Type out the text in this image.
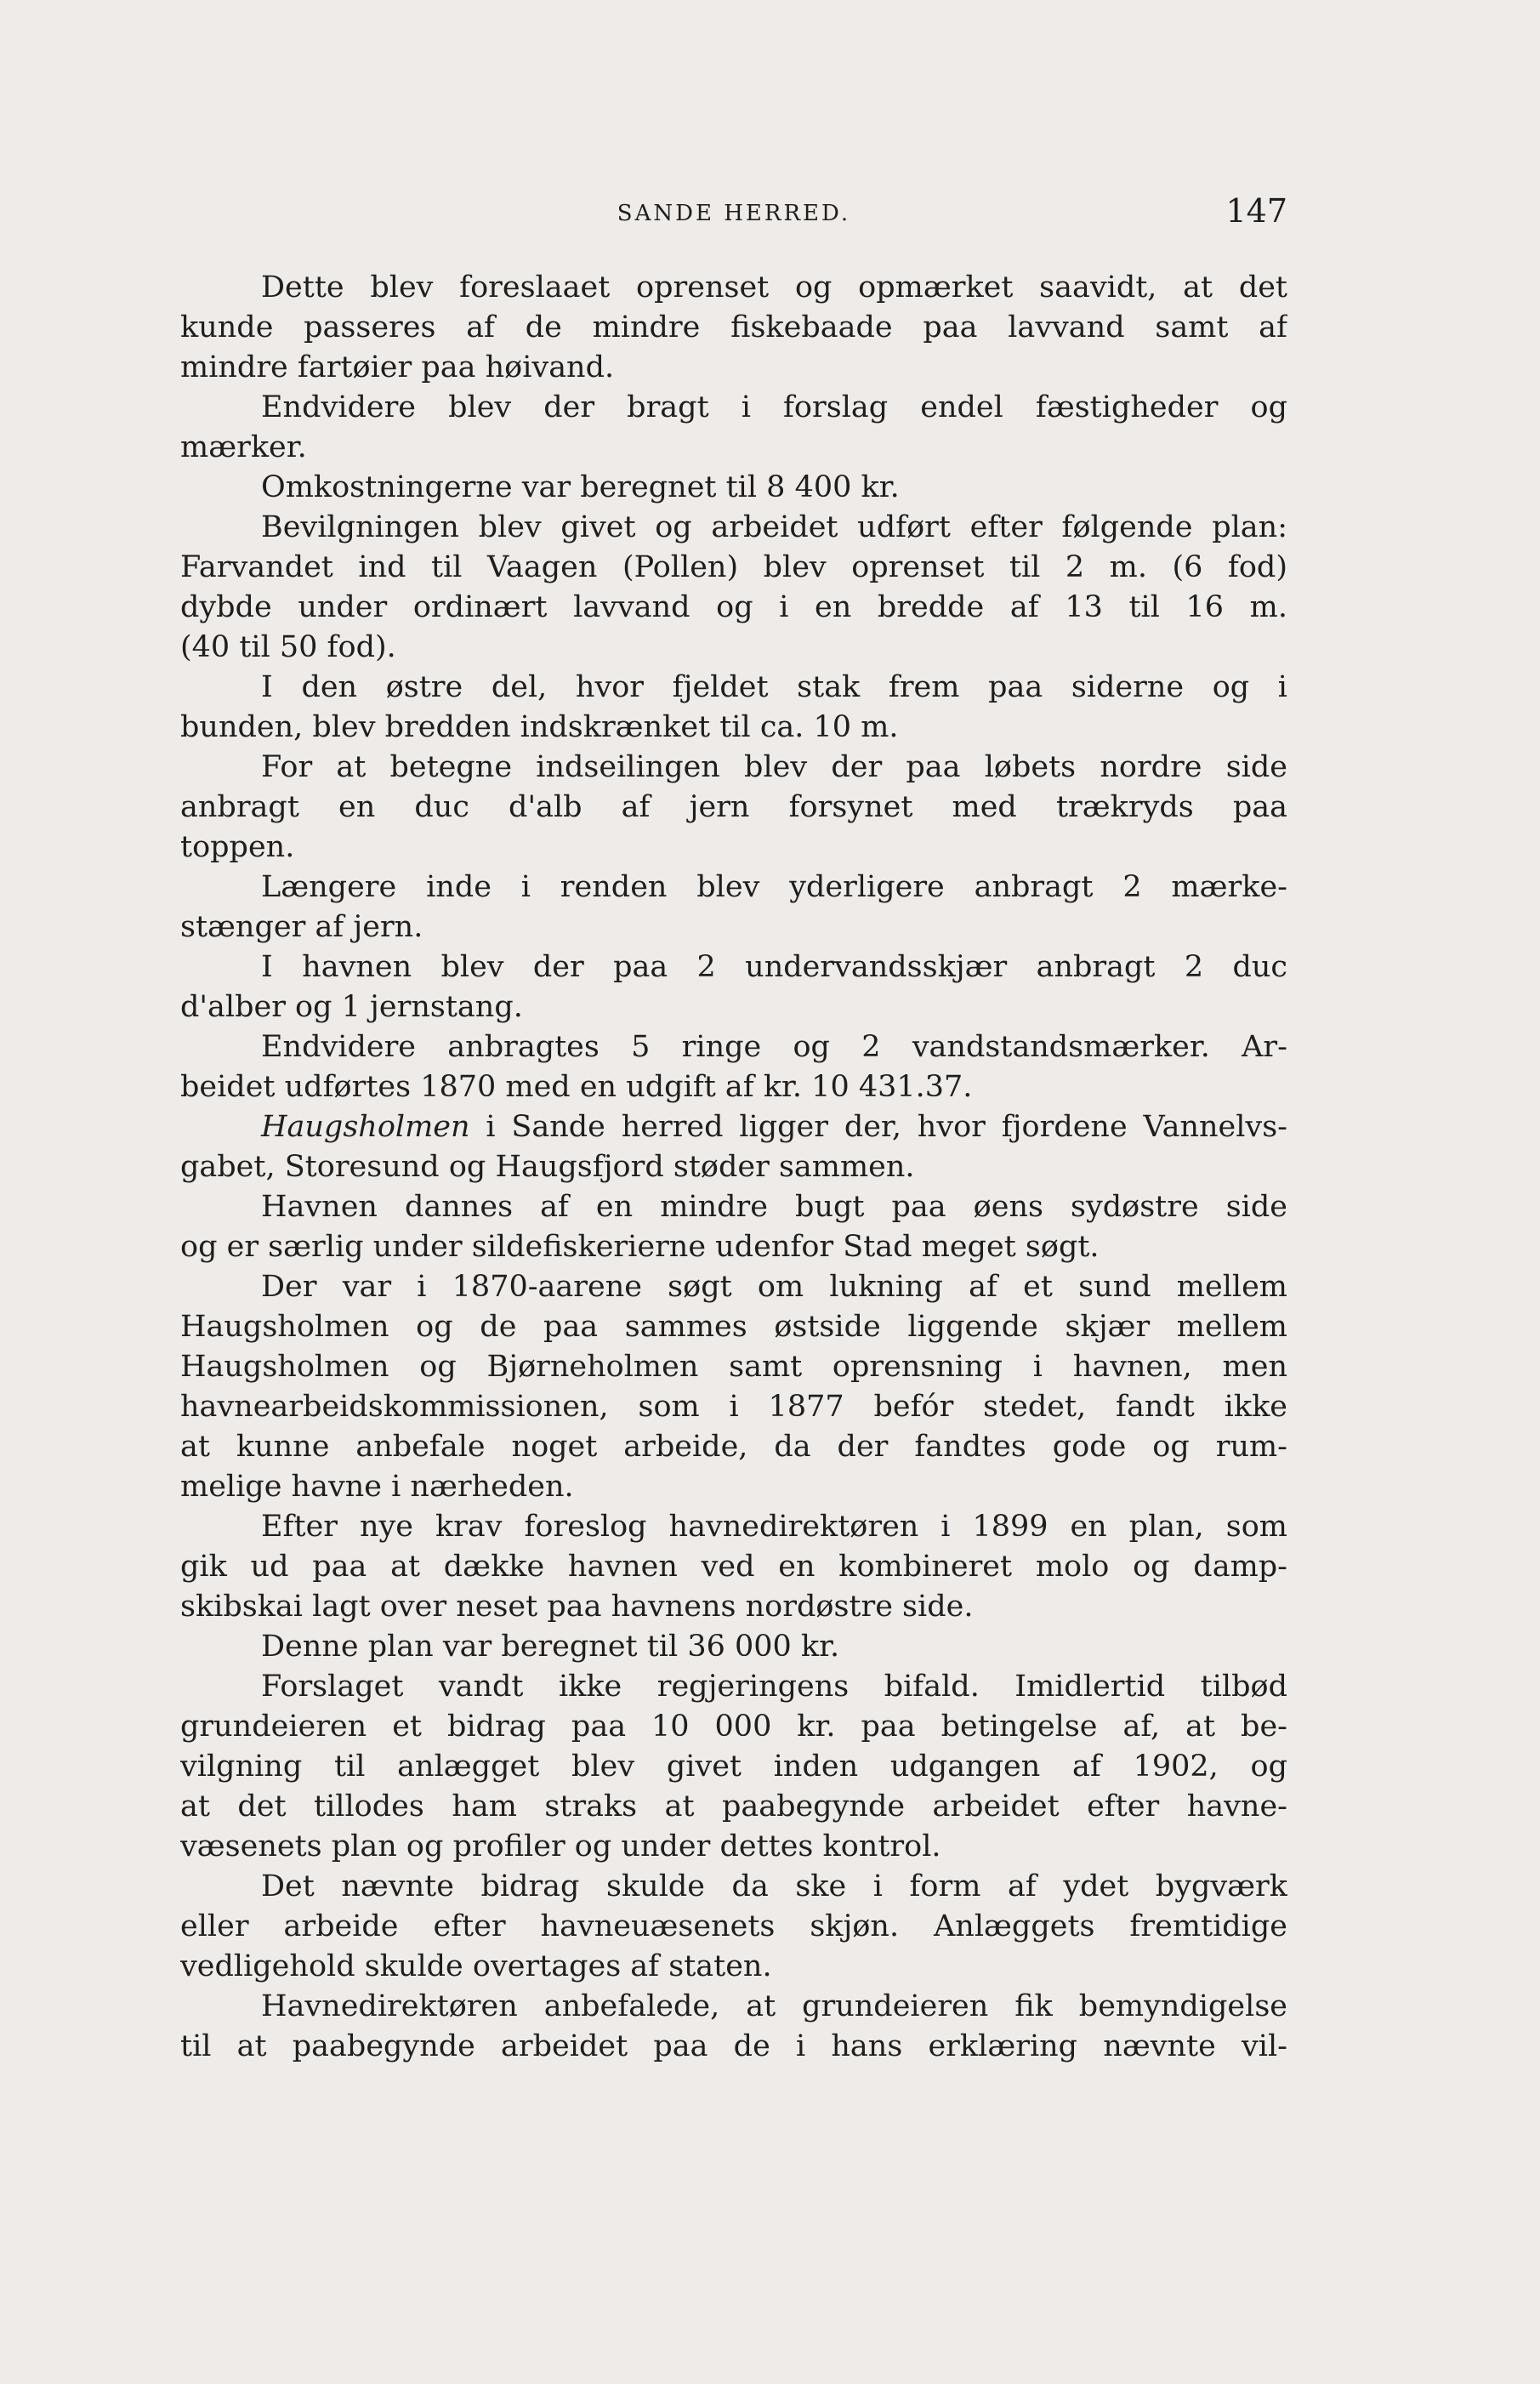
SANDE HERRED.	147
Dette blev foreslaaet oprenset og opmærket saavidt, at det
kunde passeres af de mindre fiskebaade paa lavvand samt af
mindre fartøier paa høivand.
Endvidere blev der bragt i forslag endel fæstigheder og
mærker.
Omkostningerne var beregnet til 8 400 kr.
Bevilgningen blev givet og arbeidet udført efter følgende plan:
Farvandet ind til Vaagen (Pollen) blev oprenset til 2 m. (6 fod)
dybde under ordinært lavvand og i en bredde af 13 til 16 m.
(40 til 50 fod).
I den østre del, hvor fjeldet stak frem paa siderne og i
bunden, blev bredden indskrænket til ca. 10 m.
For at betegne indseilingen blev der paa løbets nordre side
anbragt en duc d'alb af jern forsynet med trækryds paa
toppen.
Længere inde i renden blev yderligere anbragt 2 mærke-
stænger af jern.
I havnen blev der paa 2 undervandsskjær anbragt 2 duc
d'alber og 1 jernstang.
Endvidere anbragtes 5 ringe og 2 vandstandsmærker. Ar-
beidet udførtes 1870 med en udgift af kr. 10 431.37.
Haugsholmen i Sande herred ligger der, hvor fjordene Vannelvs-
gabet, Storesund og Haugsfjord støder sammen.
Havnen dannes af en mindre bugt paa øens sydøstre side
og er særlig under sildefiskerierne udenfor Stad meget søgt.
Der var i 1870-aarene søgt om lukning af et sund mellem
Haugsholmen og de paa sammes østside liggende skjær mellem
Haugsholmen og Bjørneholmen samt oprensning i havnen, men
havnearbeidskommissionen, som i 1877 befór stedet, fandt ikke
at kunne anbefale noget arbeide, da der fandtes gode og rum-
melige havne i nærheden.
Efter nye krav foreslog havnedirektøren i 1899 en plan, som
gik ud paa at dække havnen ved en kombineret molo og damp-
skibskai lagt over neset paa havnens nordøstre side.
Denne plan var beregnet til 36 000 kr.
Forslaget vandt ikke regjeringens bifald. Imidlertid tilbød
grundeieren et bidrag paa 10 000 kr. paa betingelse af, at be-
vilgning til anlægget blev givet inden udgangen af 1902, og
at det tillodes ham straks at paabegynde arbeidet efter havne-
væsenets plan og profiler og under dettes kontrol.
Det nævnte bidrag skulde da ske i form af ydet bygværk
eller arbeide efter havneuæsenets skjøn. Anlæggets fremtidige
vedligehold skulde overtages af staten.
Havnedirektøren anbefalede, at grundeieren fik bemyndigelse
til at paabegynde arbeidet paa de i hans erklæring nævnte vil-
